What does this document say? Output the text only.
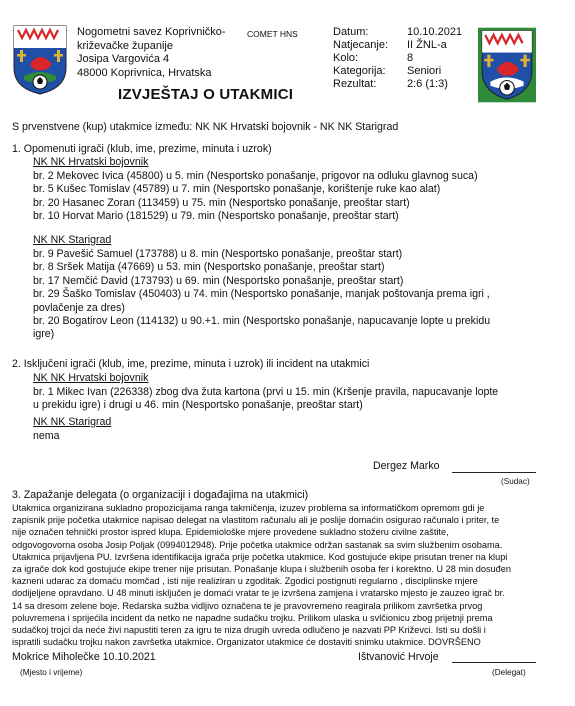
Nogometni savez Koprivničko-
križevačke županije
Josipa Vargovića 4
48000 Koprivnica, Hrvatska
COMET HNS
IZVJEŠTAJ O UTAKMICI
Datum:
Natjecanje:
Kolo:
Kategorija:
Rezultat:
10.10.2021
II ŽNL-a
8
Seniori
2:6 (1:3)
S prvenstvene (kup) utakmice između: NK NK Hrvatski bojovnik - NK NK Starigrad
1. Opomenuti igrači (klub, ime, prezime, minuta i uzrok)
NK NK Hrvatski bojovnik
br. 2 Mekovec Ivica (45800) u 5. min (Nesportsko ponašanje, prigovor na odluku glavnog suca)
br. 5 Kušec Tomislav (45789) u 7. min (Nesportsko ponašanje, korištenje ruke kao alat)
br. 20 Hasanec Zoran (113459) u 75. min (Nesportsko ponašanje, preoštar start)
br. 10 Horvat Mario (181529) u 79. min (Nesportsko ponašanje, preoštar start)
NK NK Starigrad
br. 9 Pavešić Samuel (173788) u 8. min (Nesportsko ponašanje, preoštar start)
br. 8 Sršek Matija (47669) u 53. min (Nesportsko ponašanje, preoštar start)
br. 17 Nemčić David (173793) u 69. min (Nesportsko ponašanje, preoštar start)
br. 29 Šaško Tomislav (450403) u 74. min (Nesportsko ponašanje, manjak poštovanja prema igri ,
povlačenje za dres)
br. 20 Bogatirov Leon (114132) u 90.+1. min (Nesportsko ponašanje, napucavanje lopte u prekidu
igre)
2. Isključeni igrači (klub, ime, prezime, minuta i uzrok) ili incident na utakmici
NK NK Hrvatski bojovnik
br. 1 Mikec Ivan (226338) zbog dva žuta kartona (prvi u 15. min (Kršenje pravila, napucavanje lopte
u prekidu igre) i drugi u 46. min (Nesportsko ponašanje, preoštar start)
NK NK Starigrad
nema
Dergez Marko
(Sudac)
3. Zapažanje delegata (o organizaciji i događajima na utakmici)
Utakmica organizirana sukladno propozicijama ranga takmičenja, izuzev problema sa informatičkom opremom gdi je
zapisnik prije početka utakmice napisao delegat na vlastitom računalu ali je poslije domaćin osigurao računalo i priter, te
nije označen tehnički prostor ispred klupa. Epidemiološke mjere provedene sukladno stožeru civilne zaštite,
odgovogovorna osoba Josip Poljak (0994012948). Prije početka utakmice održan sastanak sa svim službenim osobama.
Utakmica prijavljena PU. Izvršena identifikacija igrača prije početka utakmice. Kod gostujuće ekipe prisutan trener na klupi
za igrače dok kod gostujuće ekipe trener nije prisutan. Ponašanje klupa i službenih osoba fer i korektno. U 28 min dosuđen
kazneni udarac za domaću momčad , isti nije realiziran u zgoditak. Zgodici postignuti regularno , disciplinske mjere
dodijeljene opravdano. U 48 minuti isključen je domaći vratar te je izvršena zamjena i vratarsko mjesto je zauzeo igrač br.
14 sa dresom zelene boje. Redarska sužba vidljivo označena te je pravovremeno reagirala prilikom završetka prvog
poluvremena i sprijećila incident da netko ne napadne sudačku trojku. Prilikom ulaska u svlčionicu zbog prijetnji prema
sudačkoj trojci da neće živi napustiti teren za igru te niza drugih uvreda odlučeno je nazvati PP Križevci. Isti su došli i
ispratili sudačku trojku nakon završetka utakmice. Organizator utakmice će dostaviti snimku utakmice. DOVRŠENO
Mokrice Miholečke 10.10.2021
(Mjesto i vrijeme)
Ištvanović Hrvoje
(Delegat)
